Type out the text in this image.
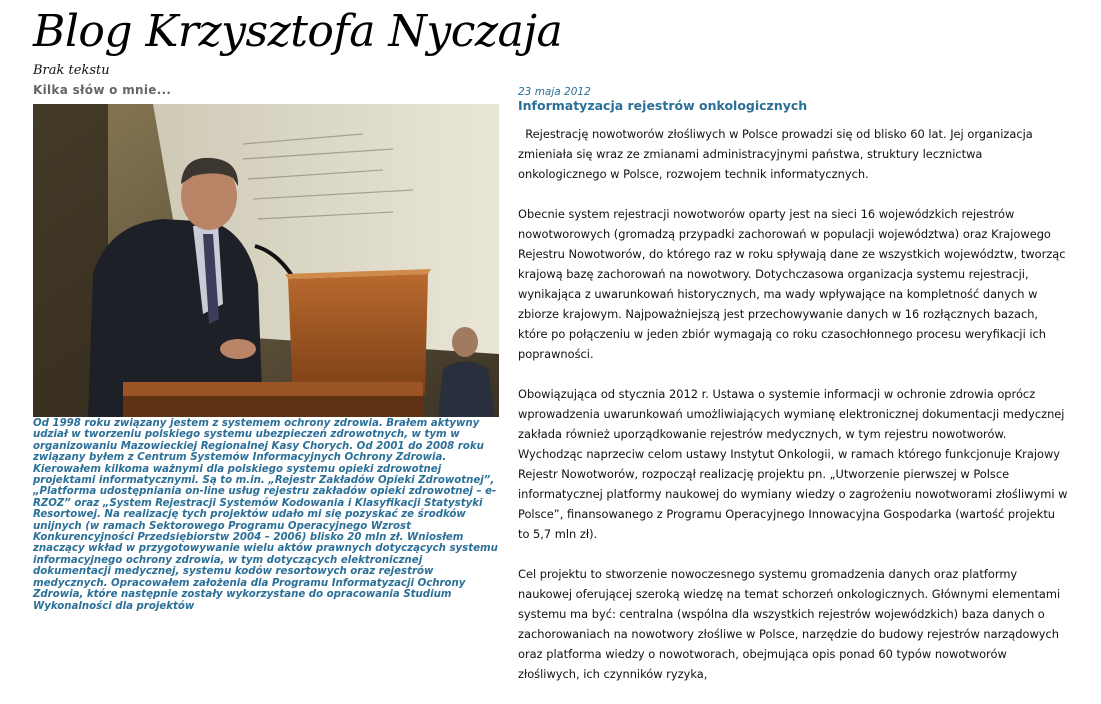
Blog Krzysztofa Nyczaja
Brak tekstu
Kilka słów o mnie...
Od 1998 roku związany jestem z systemem ochrony zdrowia. Brałem aktywny udział w tworzeniu polskiego systemu ubezpieczeń zdrowotnych, w tym w organizowaniu Mazowieckiej Regionalnej Kasy Chorych. Od 2001 do 2008 roku związany byłem z Centrum Systemów Informacyjnych Ochrony Zdrowia. Kierowałem kilkoma ważnymi dla polskiego systemu opieki zdrowotnej projektami informatycznymi. Są to m.in. „Rejestr Zakładów Opieki Zdrowotnej”, „Platforma udostępniania on-line usług rejestru zakładów opieki zdrowotnej – e-RZOZ” oraz „System Rejestracji Systemów Kodowania i Klasyfikacji Statystyki Resortowej. Na realizację tych projektów udało mi się pozyskać ze środków unijnych (w ramach Sektorowego Programu Operacyjnego Wzrost Konkurencyjności Przedsiębiorstw 2004 – 2006) blisko 20 mln zł. Wniosłem znaczący wkład w przygotowywanie wielu aktów prawnych dotyczących systemu informacyjnego ochrony zdrowia, w tym dotyczących elektronicznej dokumentacji medycznej, systemu kodów resortowych oraz rejestrów medycznych. Opracowałem założenia dla Programu Informatyzacji Ochrony Zdrowia, które następnie zostały wykorzystane do opracowania Studium Wykonalności dla projektów
23 maja 2012
Informatyzacja rejestrów onkologicznych

Rejestrację nowotworów złośliwych w Polsce prowadzi się od blisko 60 lat. Jej organizacja zmieniała się wraz ze zmianami administracyjnymi państwa, struktury lecznictwa onkologicznego w Polsce, rozwojem technik informatycznych.

Obecnie system rejestracji nowotworów oparty jest na sieci 16 wojewódzkich rejestrów nowotworowych (gromadzą przypadki zachorowań w populacji województwa) oraz Krajowego Rejestru Nowotworów, do którego raz w roku spływają dane ze wszystkich województw, tworząc krajową bazę zachorowań na nowotwory. Dotychczasowa organizacja systemu rejestracji, wynikająca z uwarunkowań historycznych, ma wady wpływające na kompletność danych w zbiorze krajowym. Najpoważniejszą jest przechowywanie danych w 16 rozłącznych bazach, które po połączeniu w jeden zbiór wymagają co roku czasochłonnego procesu weryfikacji ich poprawności.

Obowiązująca od stycznia 2012 r. Ustawa o systemie informacji w ochronie zdrowia oprócz wprowadzenia uwarunkowań umożliwiających wymianę elektronicznej dokumentacji medycznej zakłada również uporządkowanie rejestrów medycznych, w tym rejestru nowotworów. Wychodząc naprzeciw celom ustawy Instytut Onkologii, w ramach którego funkcjonuje Krajowy Rejestr Nowotworów, rozpoczął realizację projektu pn. „Utworzenie pierwszej w Polsce informatycznej platformy naukowej do wymiany wiedzy o zagrożeniu nowotworami złośliwymi w Polsce”, finansowanego z Programu Operacyjnego Innowacyjna Gospodarka (wartość projektu to 5,7 mln zł).

Cel projektu to stworzenie nowoczesnego systemu gromadzenia danych oraz platformy naukowej oferującej szeroką wiedzę na temat schorzeń onkologicznych. Głównymi elementami systemu ma być: centralna (wspólna dla wszystkich rejestrów wojewódzkich) baza danych o zachorowaniach na nowotwory złośliwe w Polsce, narzędzie do budowy rejestrów narządowych oraz platforma wiedzy o nowotworach, obejmująca opis ponad 60 typów nowotworów złośliwych, ich czynników ryzyka,
